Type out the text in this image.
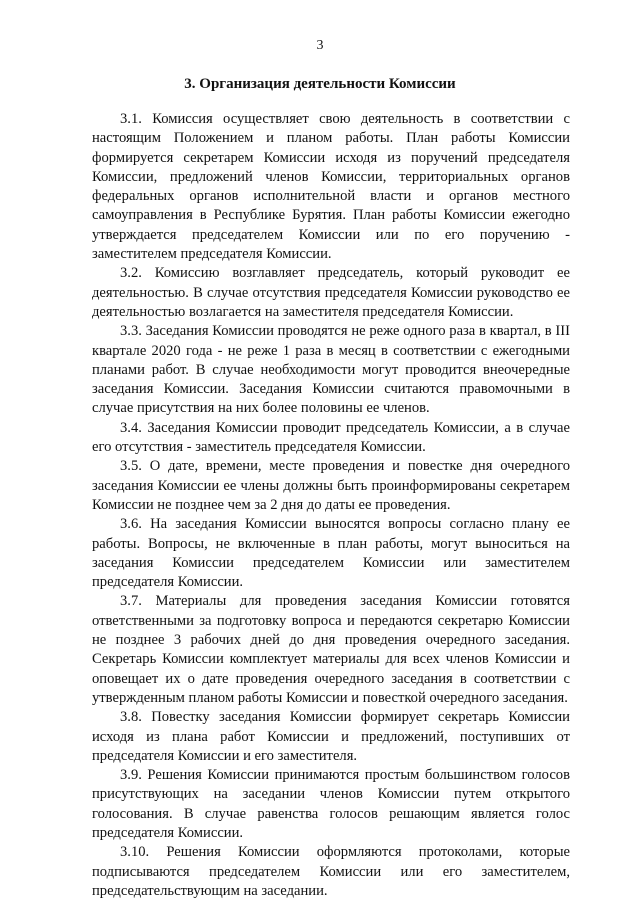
3
3. Организация деятельности Комиссии

3.1. Комиссия осуществляет свою деятельность в соответствии с настоящим Положением и планом работы. План работы Комиссии формируется секретарем Комиссии исходя из поручений председателя Комиссии, предложений членов Комиссии, территориальных органов федеральных органов исполнительной власти и органов местного самоуправления в Республике Бурятия. План работы Комиссии ежегодно утверждается председателем Комиссии или по его поручению - заместителем председателя Комиссии.

3.2. Комиссию возглавляет председатель, который руководит ее деятельностью. В случае отсутствия председателя Комиссии руководство ее деятельностью возлагается на заместителя председателя Комиссии.

3.3. Заседания Комиссии проводятся не реже одного раза в квартал, в III квартале 2020 года - не реже 1 раза в месяц в соответствии с ежегодными планами работ. В случае необходимости могут проводится внеочередные заседания Комиссии. Заседания Комиссии считаются правомочными в случае присутствия на них более половины ее членов.

3.4. Заседания Комиссии проводит председатель Комиссии, а в случае его отсутствия - заместитель председателя Комиссии.

3.5. О дате, времени, месте проведения и повестке дня очередного заседания Комиссии ее члены должны быть проинформированы секретарем Комиссии не позднее чем за 2 дня до даты ее проведения.

3.6. На заседания Комиссии выносятся вопросы согласно плану ее работы. Вопросы, не включенные в план работы, могут выноситься на заседания Комиссии председателем Комиссии или заместителем председателя Комиссии.

3.7. Материалы для проведения заседания Комиссии готовятся ответственными за подготовку вопроса и передаются секретарю Комиссии не позднее 3 рабочих дней до дня проведения очередного заседания. Секретарь Комиссии комплектует материалы для всех членов Комиссии и оповещает их о дате проведения очередного заседания в соответствии с утвержденным планом работы Комиссии и повесткой очередного заседания.

3.8. Повестку заседания Комиссии формирует секретарь Комиссии исходя из плана работ Комиссии и предложений, поступивших от председателя Комиссии и его заместителя.

3.9. Решения Комиссии принимаются простым большинством голосов присутствующих на заседании членов Комиссии путем открытого голосования. В случае равенства голосов решающим является голос председателя Комиссии.

3.10. Решения Комиссии оформляются протоколами, которые подписываются председателем Комиссии или его заместителем, председательствующим на заседании.
